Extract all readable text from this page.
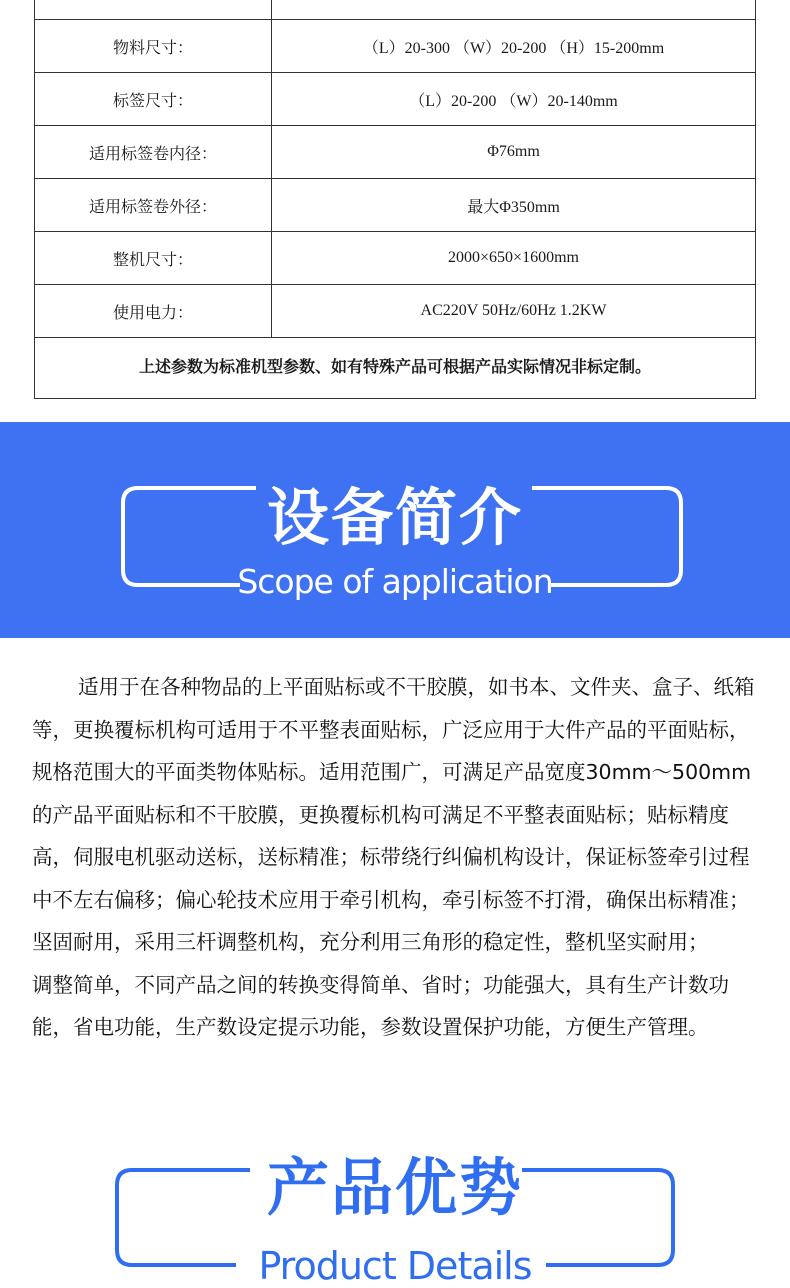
物料尺寸：	（L）20-300 （W）20-200 （H）15-200mm
标签尺寸：	（L）20-200 （W）20-140mm
适用标签卷内径：	Φ76mm
适用标签卷外径：	最大Φ350mm
整机尺寸：	2000×650×1600mm
使用电力：	AC220V 50Hz/60Hz 1.2KW
上述参数为标准机型参数、如有特殊产品可根据产品实际情况非标定制。	
设备简介
Scope of application

适用于在各种物品的上平面贴标或不干胶膜，如书本、文件夹、盒子、纸箱等，更换覆标机构可适用于不平整表面贴标，广泛应用于大件产品的平面贴标，规格范围大的平面类物体贴标。适用范围广，可满足产品宽度30mm～500mm的产品平面贴标和不干胶膜，更换覆标机构可满足不平整表面贴标；贴标精度高，伺服电机驱动送标，送标精准；标带绕行纠偏机构设计，保证标签牵引过程中不左右偏移；偏心轮技术应用于牵引机构，牵引标签不打滑，确保出标精准；坚固耐用，采用三杆调整机构，充分利用三角形的稳定性，整机坚实耐用；

调整简单，不同产品之间的转换变得简单、省时；功能强大，具有生产计数功能，省电功能，生产数设定提示功能，参数设置保护功能，方便生产管理。

产品优势
Product Details
